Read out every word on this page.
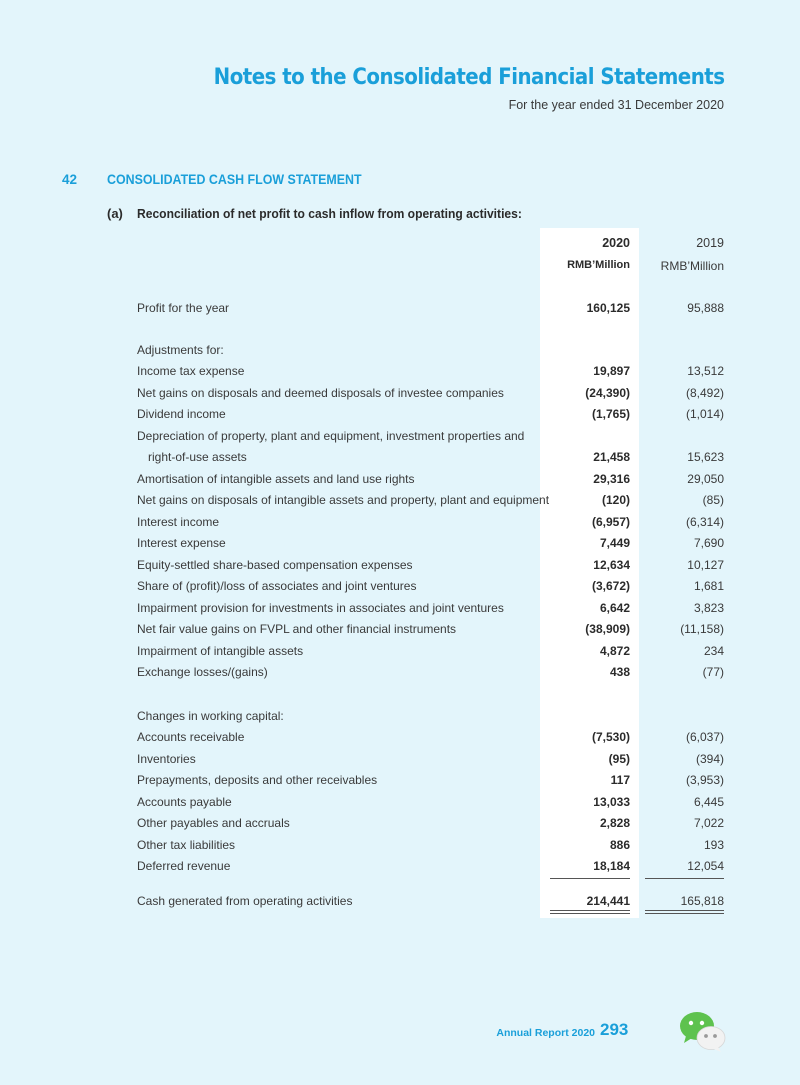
Notes to the Consolidated Financial Statements
For the year ended 31 December 2020
42 CONSOLIDATED CASH FLOW STATEMENT
(a) Reconciliation of net profit to cash inflow from operating activities:
2020	2019
RMB’Million	RMB’Million
Profit for the year	160,125	95,888
Adjustments for:
Income tax expense	19,897	13,512
Net gains on disposals and deemed disposals of investee companies	(24,390)	(8,492)
Dividend income	(1,765)	(1,014)
Depreciation of property, plant and equipment, investment properties and
right-of-use assets	21,458	15,623
Amortisation of intangible assets and land use rights	29,316	29,050
Net gains on disposals of intangible assets and property, plant and equipment	(120)	(85)
Interest income	(6,957)	(6,314)
Interest expense	7,449	7,690
Equity-settled share-based compensation expenses	12,634	10,127
Share of (profit)/loss of associates and joint ventures	(3,672)	1,681
Impairment provision for investments in associates and joint ventures	6,642	3,823
Net fair value gains on FVPL and other financial instruments	(38,909)	(11,158)
Impairment of intangible assets	4,872	234
Exchange losses/(gains)	438	(77)
Changes in working capital:
Accounts receivable	(7,530)	(6,037)
Inventories	(95)	(394)
Prepayments, deposits and other receivables	117	(3,953)
Accounts payable	13,033	6,445
Other payables and accruals	2,828	7,022
Other tax liabilities	886	193
Deferred revenue	18,184	12,054
Cash generated from operating activities	214,441	165,818
Annual Report 2020 293
